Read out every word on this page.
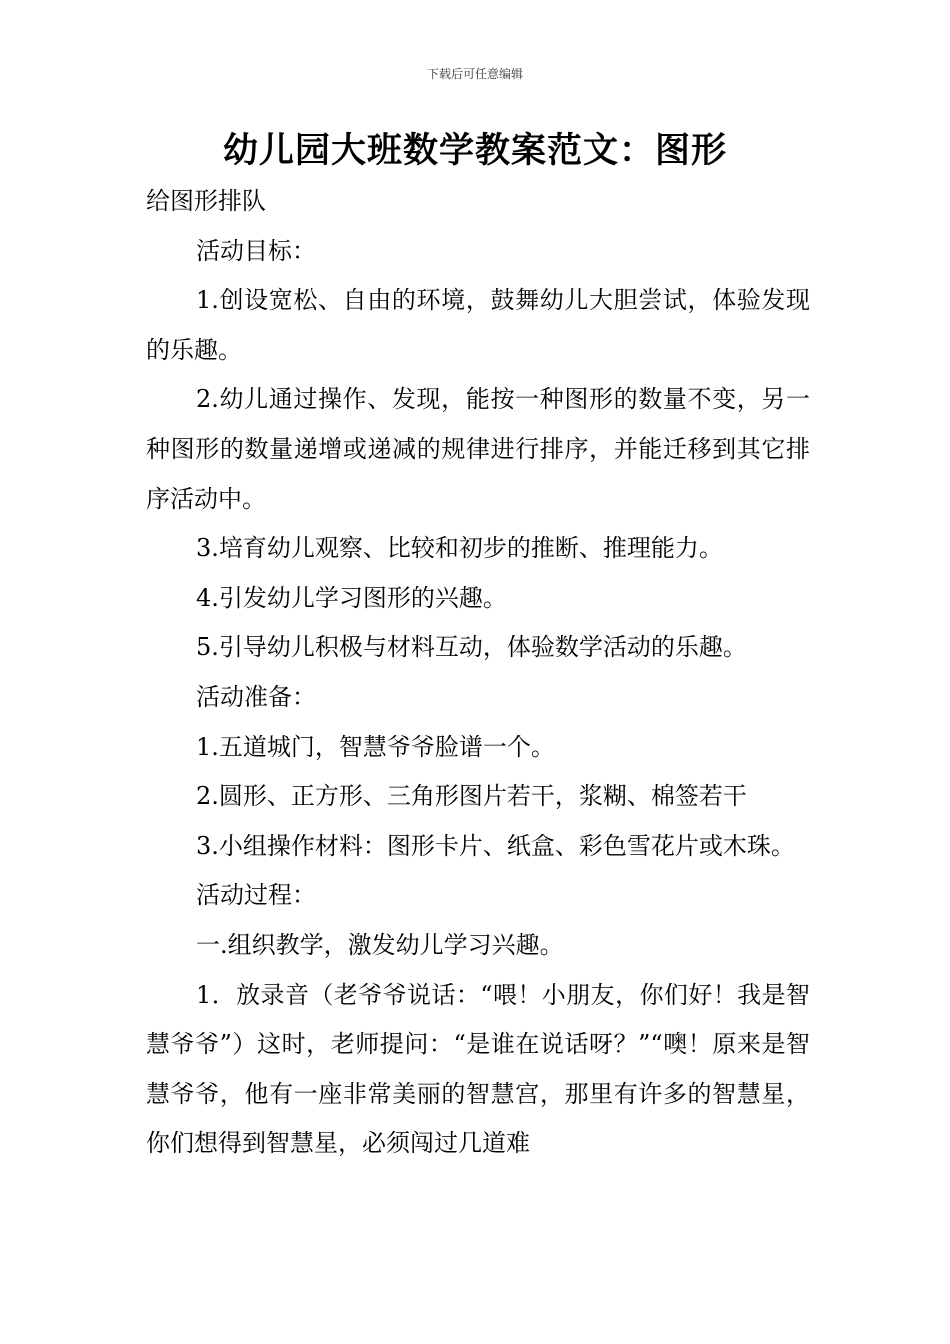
下载后可任意编辑
幼儿园大班数学教案范文：图形

给图形排队

活动目标：

1.创设宽松、自由的环境，鼓舞幼儿大胆尝试，体验发现的乐趣。

2.幼儿通过操作、发现，能按一种图形的数量不变，另一种图形的数量递增或递减的规律进行排序，并能迁移到其它排序活动中。

3.培育幼儿观察、比较和初步的推断、推理能力。

4.引发幼儿学习图形的兴趣。

5.引导幼儿积极与材料互动，体验数学活动的乐趣。

活动准备：

1.五道城门，智慧爷爷脸谱一个。

2.圆形、正方形、三角形图片若干，浆糊、棉签若干

3.小组操作材料：图形卡片、纸盒、彩色雪花片或木珠。

活动过程：

一.组织教学，激发幼儿学习兴趣。

1．放录音（老爷爷说话：“喂！小朋友，你们好！我是智慧爷爷”）这时，老师提问：“是谁在说话呀？”“噢！原来是智慧爷爷，他有一座非常美丽的智慧宫，那里有许多的智慧星，你们想得到智慧星，必须闯过几道难
